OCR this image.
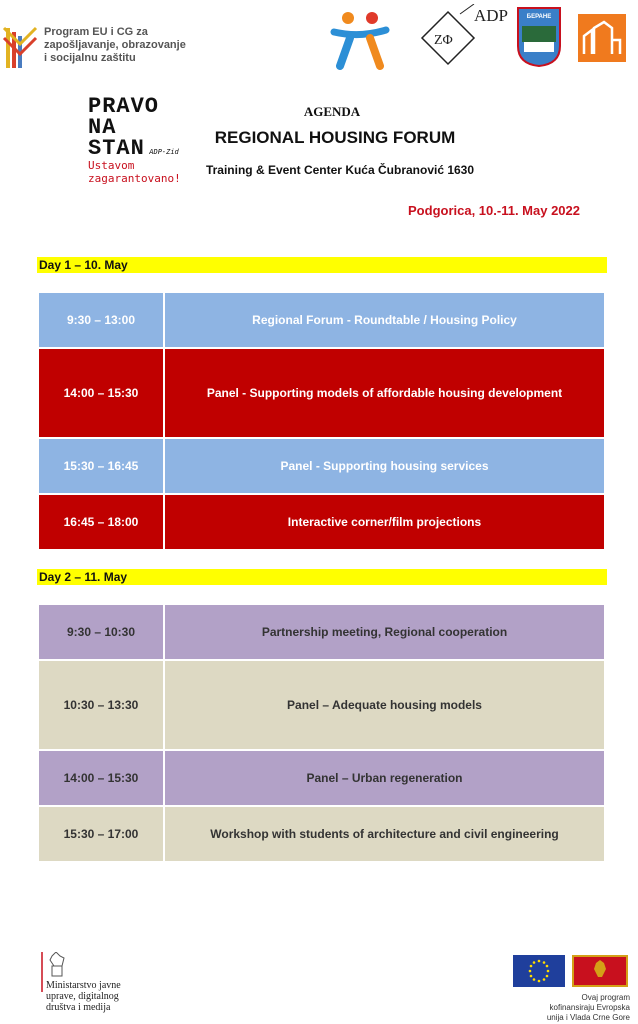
Program EU i CG za
zapošljavanje, obrazovanje
i socijalnu zaštitu
ZΦ
ADP	БЕРАНЕ
PRAVO
NA
STAN ADP-Zid
Ustavom
zagarantovano!
AGENDA
REGIONAL HOUSING FORUM
Training & Event Center Kuća Čubranović 1630
Podgorica, 10.-11. May 2022
Day 1 – 10. May
9:30 – 13:00	Regional Forum - Roundtable / Housing Policy
14:00 – 15:30	Panel - Supporting models of affordable housing development
15:30 – 16:45	Panel - Supporting housing services
16:45 – 18:00	Interactive corner/film projections
Day 2 – 11. May
9:30 – 10:30	Partnership meeting, Regional cooperation
10:30 – 13:30	Panel – Adequate housing models
14:00 – 15:30	Panel – Urban regeneration
15:30 – 17:00	Workshop with students of architecture and civil engineering
Ministarstvo javne
uprave, digitalnog
društva i medija
Ovaj program
kofinansiraju Evropska
unija i Vlada Crne Gore
